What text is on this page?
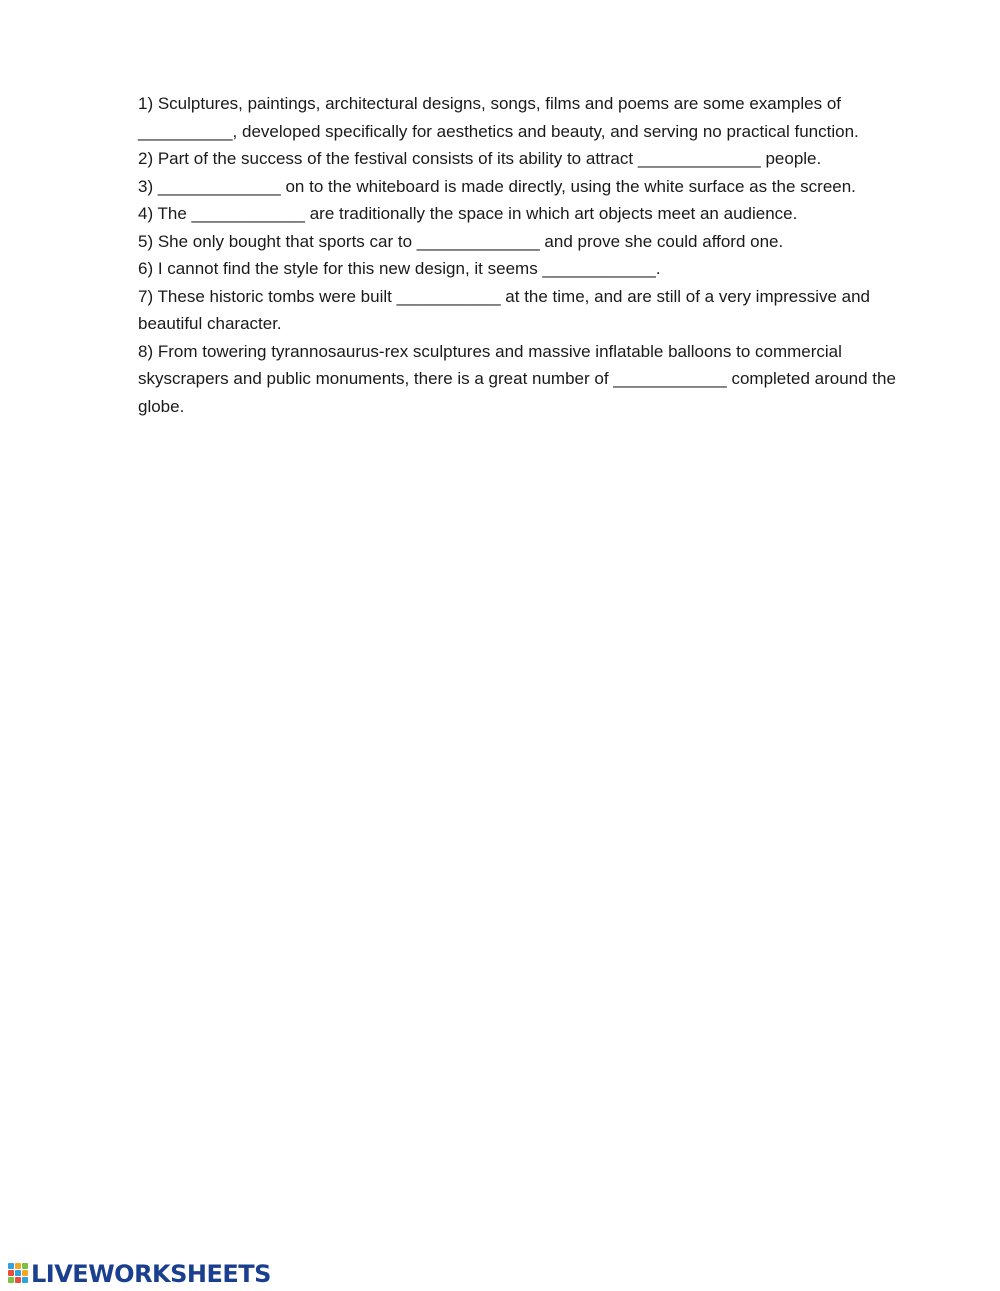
1) Sculptures, paintings, architectural designs, songs, films and poems are some examples of __________, developed specifically for aesthetics and beauty, and serving no practical function.

2) Part of the success of the festival consists of its ability to attract _____________ people.

3) _____________ on to the whiteboard is made directly, using the white surface as the screen.

4) The ____________ are traditionally the space in which art objects meet an audience.

5) She only bought that sports car to _____________ and prove she could afford one.

6) I cannot find the style for this new design, it seems ____________.

7) These historic tombs were built ___________ at the time, and are still of a very impressive and beautiful character.

8) From towering tyrannosaurus-rex sculptures and massive inflatable balloons to commercial skyscrapers and public monuments, there is a great number of ____________ completed around the globe.

LIVEWORKSHEETS
